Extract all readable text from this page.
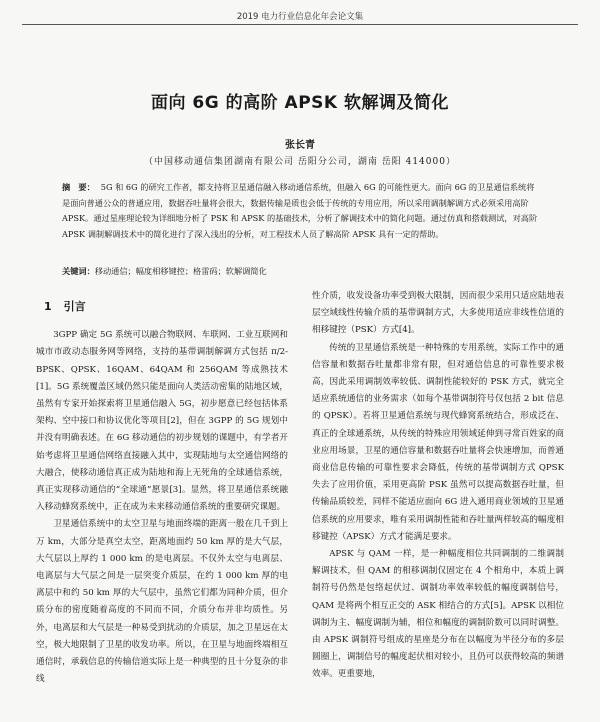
2019 电力行业信息化年会论文集
面向 6G 的高阶 APSK 软解调及简化
张长青
（中国移动通信集团湖南有限公司 岳阳分公司，湖南 岳阳 414000）
摘　要： 5G 和 6G 的研究工作者，都支持将卫星通信融入移动通信系统，但融入 6G 的可能性更大。面向 6G 的卫星通信系统将是面向普通公众的普通应用，数据吞吐量将会很大，数据传输是质也会低于传统的专用应用，所以采用调制解调方式必须采用高阶 APSK。通过星座理论较为详细地分析了 PSK 和 APSK 的基础技术，分析了解调技术中的简化问题。通过仿真和搭载测试，对高阶 APSK 调制解调技术中的简化进行了深入浅出的分析，对工程技术人员了解高阶 APSK 具有一定的帮助。
关键词：移动通信；幅度相移键控；格雷码；软解调简化
1 引言

3GPP 确定 5G 系统可以融合物联网、车联网、工业互联网和城市市政动态服务网等网络，支持的基带调制解调方式包括 π/2-BPSK、QPSK、16QAM、64QAM 和 256QAM 等成熟技术[1]。5G 系统覆盖区域仍然只能是面向人类活动密集的陆地区域，虽然有专家开始探索将卫星通信融入 5G，初步愿意已经包括体系架构、空中接口和协议优化等项目[2]，但在 3GPP 的 5G 规划中并没有明确表述。在 6G 移动通信的初步规划的课题中，有学者开始考虑将卫星通信网络直接融入其中，实现陆地与太空通信网络的大融合，使移动通信真正成为陆地和海上无死角的全球通信系统，真正实现移动通信的“全球通”愿景[3]。显然，将卫星通信系统融入移动蜂窝系统中，正在成为未来移动通信系统的重要研究课题。

卫星通信系统中的太空卫星与地面终端的距离一般在几千到上万 km，大部分是真空太空，距离地面约 50 km 厚的是大气层，大气层以上厚约 1 000 km 的是电离层。不仅外太空与电离层、电离层与大气层之间是一层突变介质层，在约 1 000 km 厚的电离层中和约 50 km 厚的大气层中，虽然它们都为同种介质，但介质分布的密度随着高度的不同而不同，介质分布并非均质性。另外，电离层和大气层是一种易受到扰动的介质层，加之卫星远在太空，极大地限制了卫星的收发功率。所以，在卫星与地面终端相互通信时，承载信息的传输信道实际上是一种典型的且十分复杂的非线

性介质，收发设备功率受到极大限制，因而很少采用只适应陆地表层空域线性传输介质的基带调制方式，大多使用适应非线性信道的相移键控（PSK）方式[4]。

传统的卫星通信系统是一种特殊的专用系统，实际工作中的通信容量和数据吞吐量都非常有限，但对通信信息的可靠性要求极高，因此采用调制效率较低、调制性能较好的 PSK 方式，就完全适应系统通信的业务需求（如每个基带调制符号仅包括 2 bit 信息的 QPSK）。若将卫星通信系统与现代蜂窝系统结合，形成泛在、真正的全球通系统，从传统的特殊应用领域延伸到寻常百姓家的商业应用场景，卫星的通信容量和数据吞吐量将会快速增加，而普通商业信息传输的可靠性要求会降低，传统的基带调制方式 QPSK 失去了应用价值，采用更高阶 PSK 虽然可以提高数据吞吐量，但传输品质较差，同样不能适应面向 6G 进入通用商业领域的卫星通信系统的应用要求，唯有采用调制性能和吞吐量两样较高的幅度相移键控（APSK）方式才能满足要求。

APSK 与 QAM 一样，是一种幅度相位共同调制的二维调制解调技术，但 QAM 的相移调制仅固定在 4 个相角中，本质上调制符号仍然是包络起伏过、调制功率效率较低的幅度调制信号，QAM 是将两个相互正交的 ASK 相结合的方式[5]。APSK 以相位调制为主、幅度调制为辅，相位和幅度的调制阶数可以同时调整。由 APSK 调制符号组成的星座是分布在以幅度为半径分布的多层圆圈上，调制信号的幅度起伏相对较小，且仍可以获得较高的频谱效率。更重要地，
